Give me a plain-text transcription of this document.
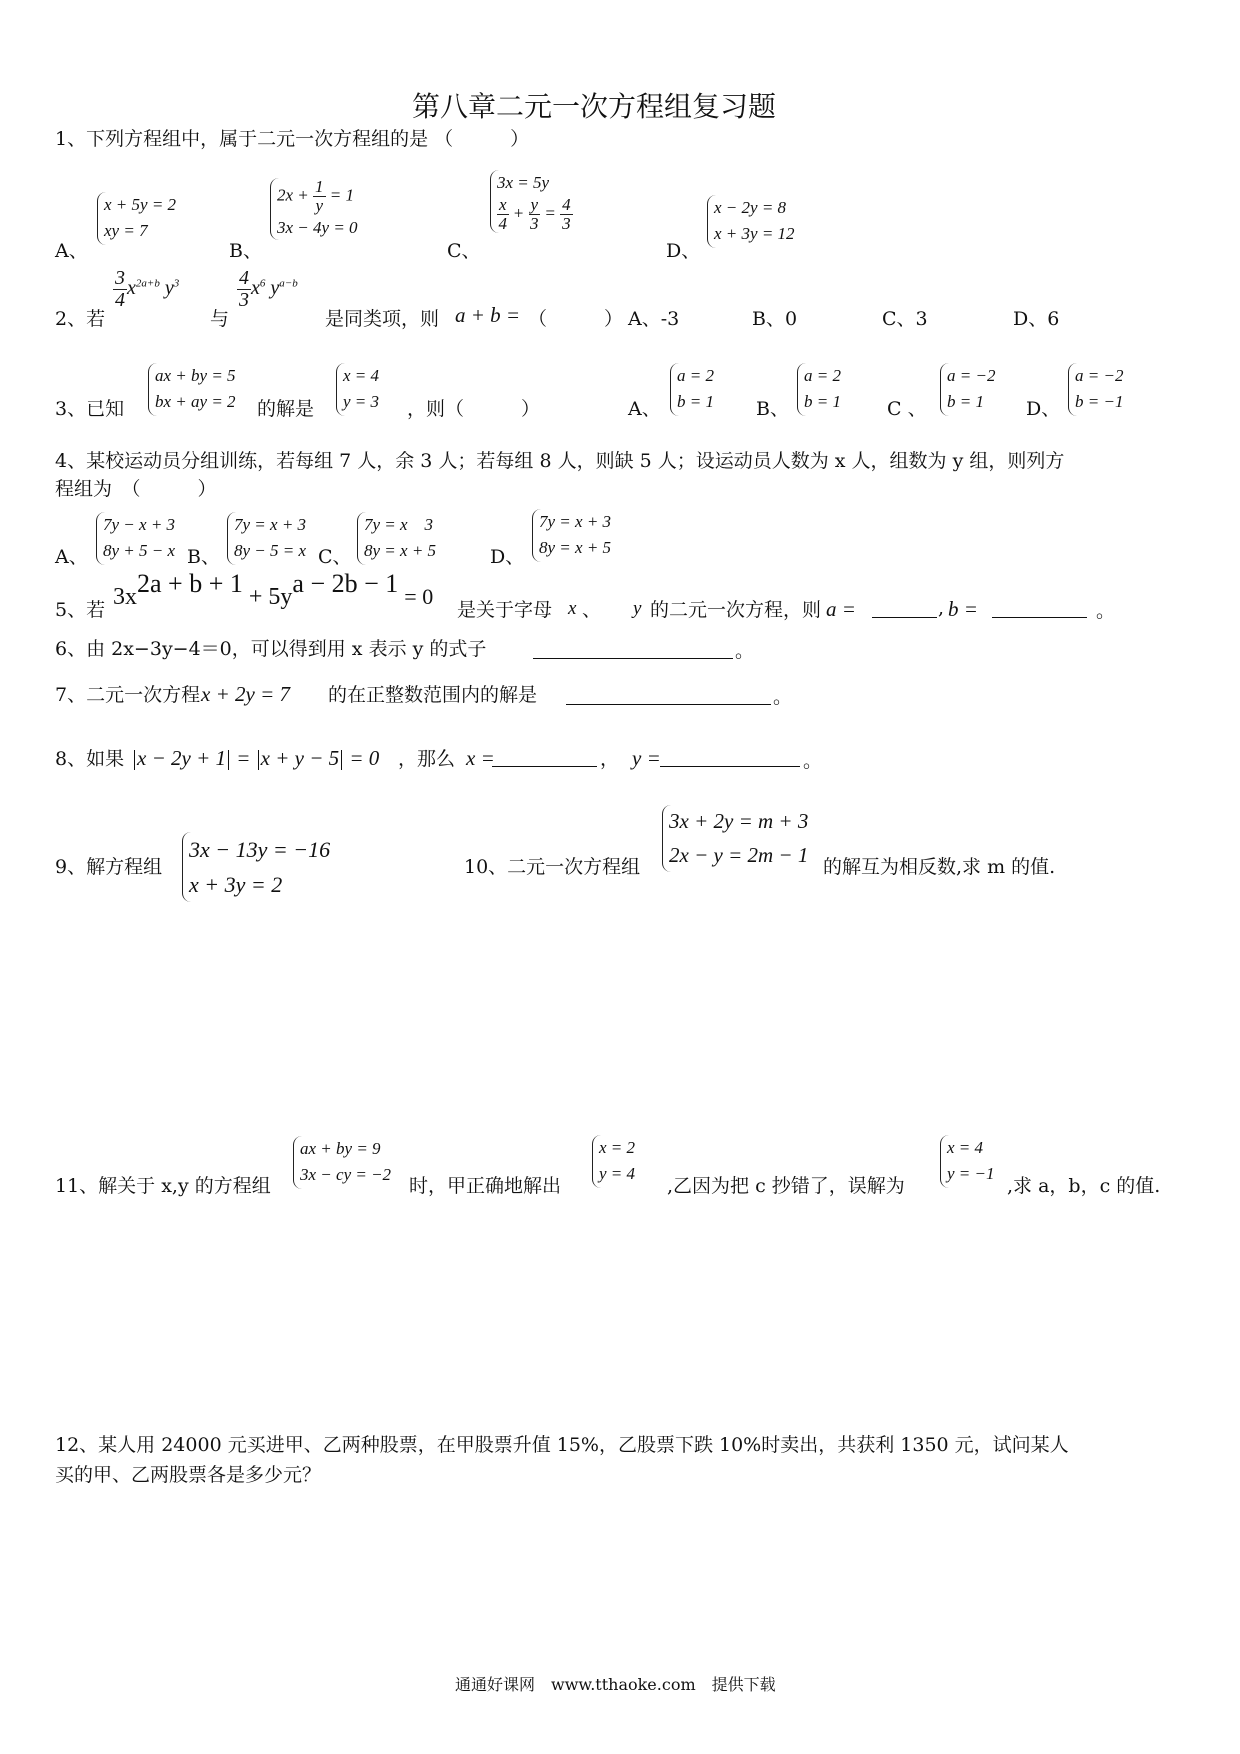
第八章二元一次方程组复习题
1、下列方程组中，属于二元一次方程组的是 （　　　）
A、
x + 5y = 2
xy = 7
B、
$2x + \frac{1}{y} = 1$
3x − 4y = 0
C、
3x = 5y
$\frac{x}{4} + \frac{y}{3} = \frac{4}{3}$
D、
x − 2y = 8
x + 3y = 12
2、若
$\frac{3}{4} x^{2a+b}$ $y^3$
与
$\frac{4}{3} x^6$ $y^{a-b}$
是同类项，则 a + b = （　　　） A、-3	B、0	C、3	D、6
3、已知
ax + by = 5
bx + ay = 2 的解是
x = 4
y = 3 ，则（　　　）	A、
a = 2
b = 1 B、
a = 2
b = 1 C 、
a = −2
b = 1	D、
a = −2
b = −1
4、某校运动员分组训练，若每组 7 人，余 3 人；若每组 8 人，则缺 5 人；设运动员人数为 x 人，组数为 y 组，则列方
程组为　（　　　）
A、
7y − x + 3
8y + 5 − x B、
7y = x + 3
8y − 5 = x C、
7y = x　3
8y = x + 5	D、
7y = x + 3
8y = x + 5
5、若 3x2a + b + 1 + 5ya − 2b − 1 = 0
是关于字母 x 、 y 的二元一次方程，则 a =	, b =	。
6、由 2x−3y−4＝0，可以得到用 x 表示 y 的式子	。
7、二元一次方程 x + 2y = 7 的在正整数范围内的解是	。
8、如果 x − 2y + 1 = x + y − 5 = 0 ，那么 x =	， y =	。
9、解方程组
3x − 13y = −16
x + 3y = 2
10、二元一次方程组
3x + 2y = m + 3
2x − y = 2m − 1
的解互为相反数,求 m 的值.
11、解关于 x,y 的方程组
ax + by = 9
3x − cy = −2
时，甲正确地解出
x = 2
y = 4
,乙因为把 c 抄错了，误解为
x = 4
y = −1
,求 a，b，c 的值.
12、某人用 24000 元买进甲、乙两种股票，在甲股票升值 15%，乙股票下跌 10%时卖出，共获利 1350 元，试问某人
买的甲、乙两股票各是多少元？
通通好课网　www.tthaoke.com　提供下载
